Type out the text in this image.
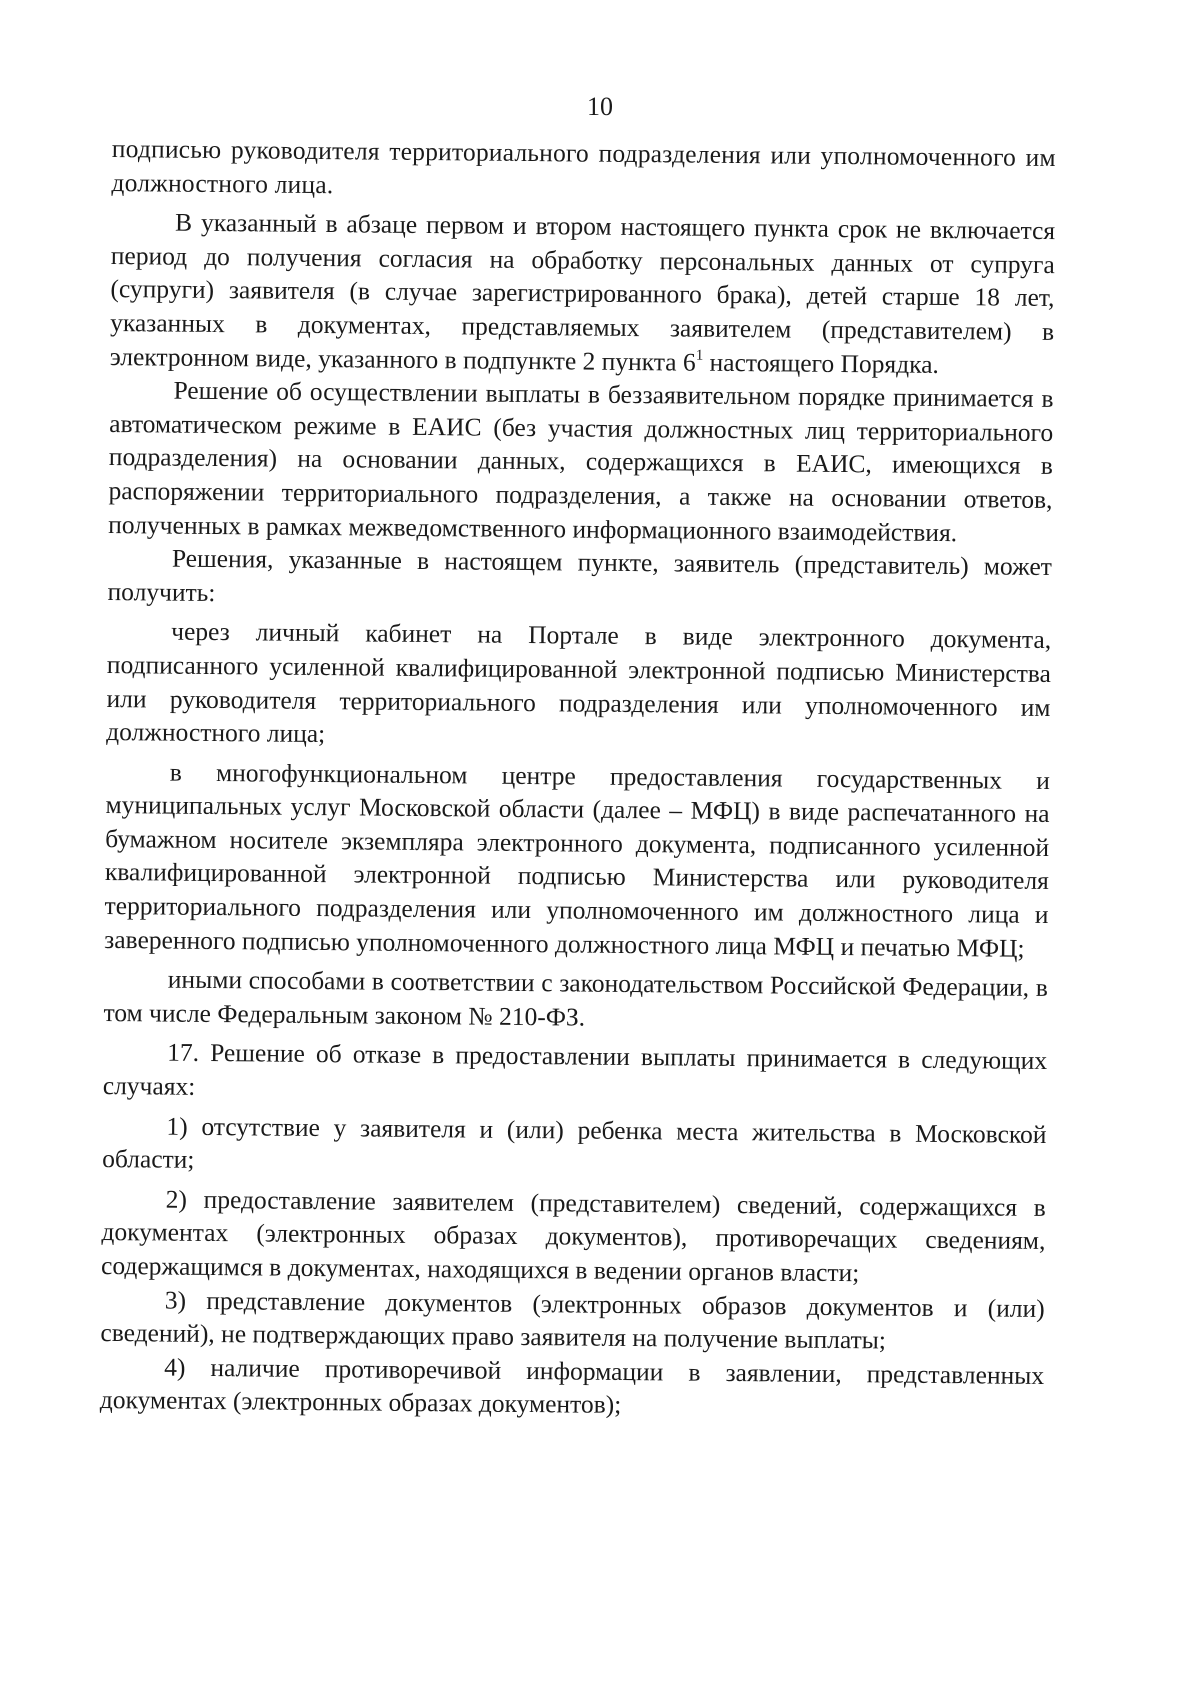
10

подписью руководителя территориального подразделения или уполномоченного им должностного лица.

В указанный в абзаце первом и втором настоящего пункта срок не включается период до получения согласия на обработку персональных данных от супруга (супруги) заявителя (в случае зарегистрированного брака), детей старше 18 лет, указанных в документах, представляемых заявителем (представителем) в электронном виде, указанного в подпункте 2 пункта $6^1$ настоящего Порядка.

Решение об осуществлении выплаты в беззаявительном порядке принимается в автоматическом режиме в ЕАИС (без участия должностных лиц территориального подразделения) на основании данных, содержащихся в ЕАИС, имеющихся в распоряжении территориального подразделения, а также на основании ответов, полученных в рамках межведомственного информационного взаимодействия.

Решения, указанные в настоящем пункте, заявитель (представитель) может получить:

через личный кабинет на Портале в виде электронного документа, подписанного усиленной квалифицированной электронной подписью Министерства или руководителя территориального подразделения или уполномоченного им должностного лица;

в многофункциональном центре предоставления государственных и муниципальных услуг Московской области (далее – МФЦ) в виде распечатанного на бумажном носителе экземпляра электронного документа, подписанного усиленной квалифицированной электронной подписью Министерства или руководителя территориального подразделения или уполномоченного им должностного лица и заверенного подписью уполномоченного должностного лица МФЦ и печатью МФЦ;

иными способами в соответствии с законодательством Российской Федерации, в том числе Федеральным законом № 210-ФЗ.

17. Решение об отказе в предоставлении выплаты принимается в следующих случаях:

1) отсутствие у заявителя и (или) ребенка места жительства в Московской области;

2) предоставление заявителем (представителем) сведений, содержащихся в документах (электронных образах документов), противоречащих сведениям, содержащимся в документах, находящихся в ведении органов власти;

3) представление документов (электронных образов документов и (или) сведений), не подтверждающих право заявителя на получение выплаты;

4) наличие противоречивой информации в заявлении, представленных документах (электронных образах документов);
